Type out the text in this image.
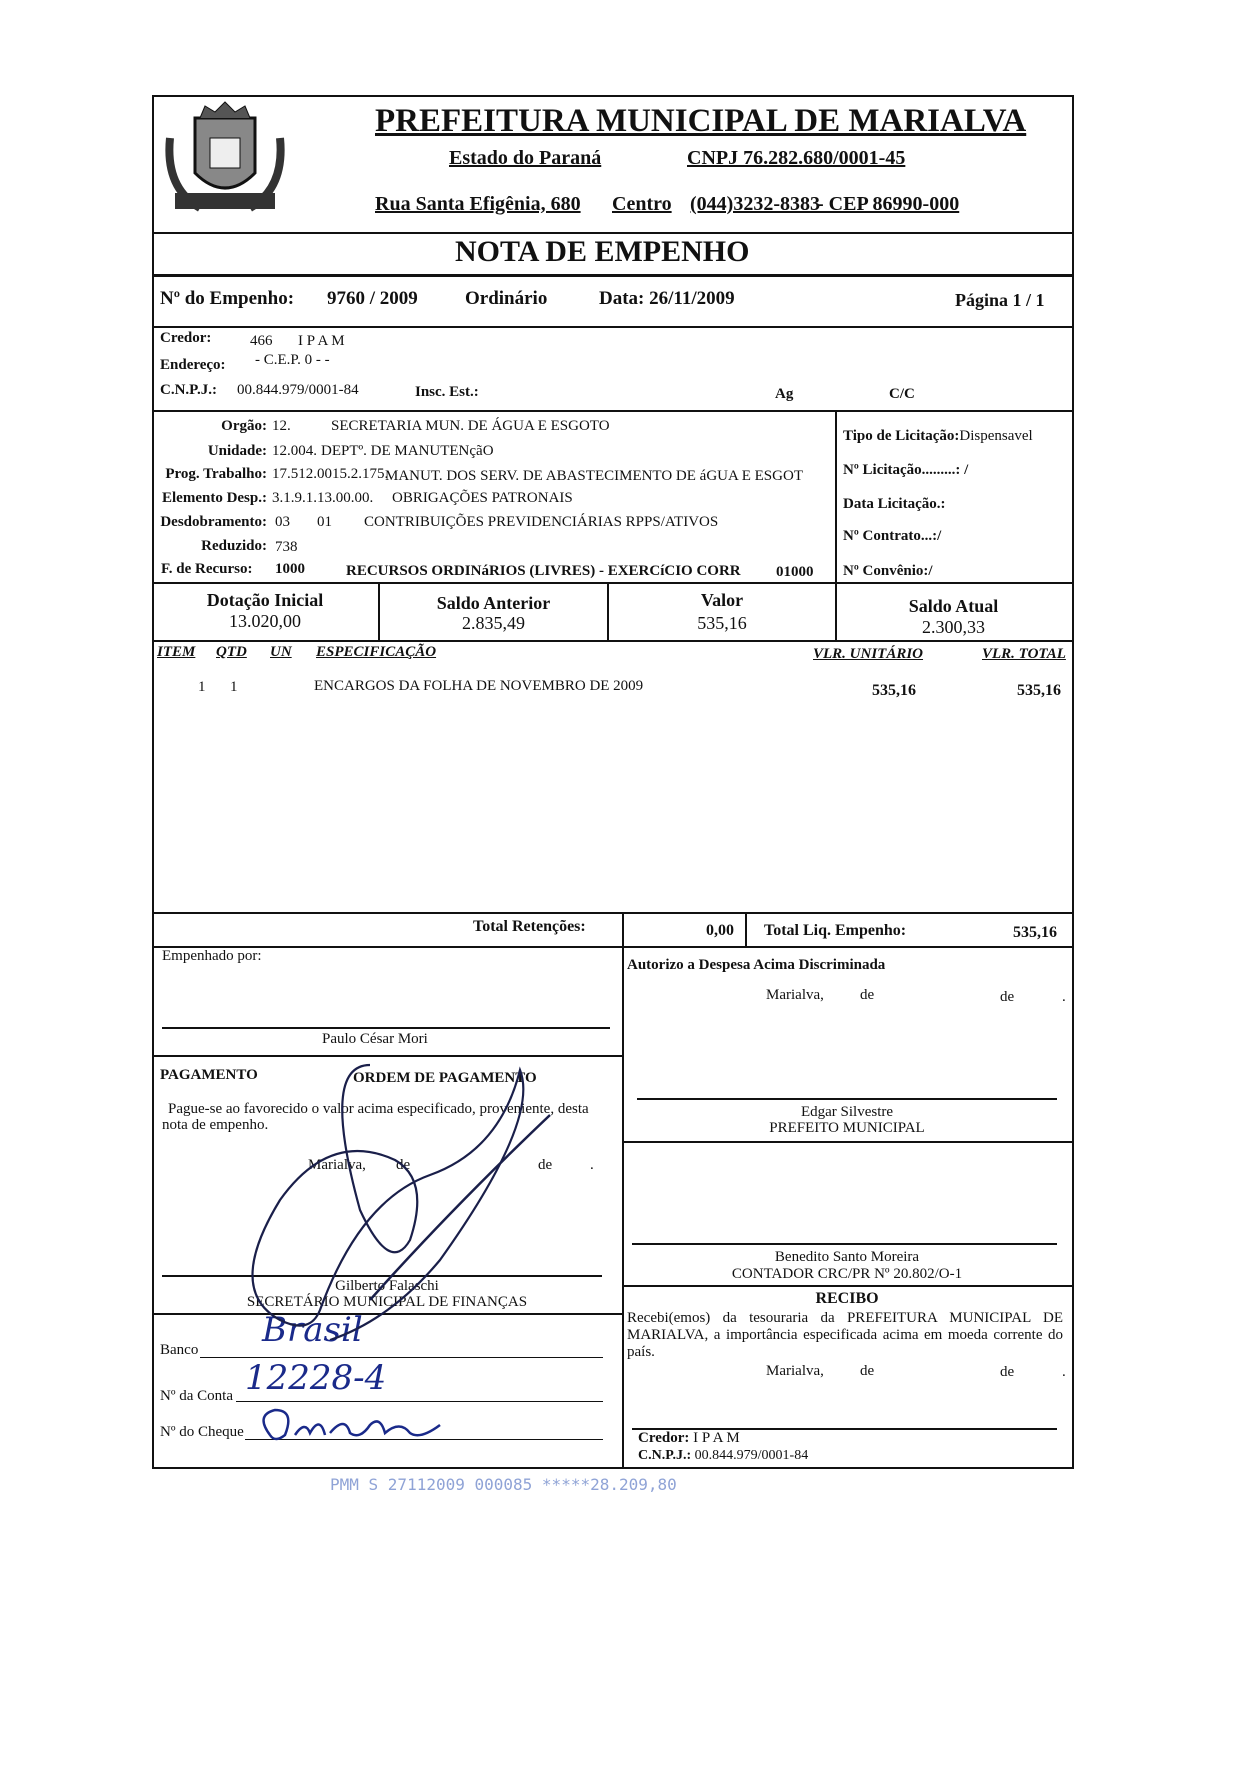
PREFEITURA MUNICIPAL DE MARIALVA
Estado do Paraná	CNPJ 76.282.680/0001-45
Rua Santa Efigênia, 680 Centro (044)3232-8383
- CEP 86990-000
NOTA DE EMPENHO
Nº do Empenho: 9760 / 2009 Ordinário	Data: 26/11/2009	Página 1 / 1
Credor:	466 I P A M
Endereço: - C.E.P. 0 - -
C.N.P.J.: 00.844.979/0001-84	Insc. Est.:	Ag	C/C
Orgão: 12.	SECRETARIA MUN. DE ÁGUA E ESGOTO
Unidade: 12.004. DEPTº. DE MANUTENçãO
Prog. Trabalho: 17.512.0015.2.175.
MANUT. DOS SERV. DE ABASTECIMENTO DE áGUA E ESGOT
Elemento Desp.: 3.1.9.1.13.00.00. OBRIGAÇÕES PATRONAIS
Desdobramento: 03 01 CONTRIBUIÇÕES PREVIDENCIÁRIAS RPPS/ATIVOS
Reduzido: 738
F. de Recurso: 1000	RECURSOS ORDINáRIOS (LIVRES) - EXERCíCIO CORR 01000
Tipo de Licitação:Dispensavel
Nº Licitação.........: /
Data Licitação.:
Nº Contrato...:/
Nº Convênio:/
Dotação Inicial
13.020,00
Saldo Anterior
2.835,49
Valor
535,16
Saldo Atual
2.300,33
ITEM QTD UN ESPECIFICAÇÃO	VLR. UNITÁRIO	VLR. TOTAL
1 1	ENCARGOS DA FOLHA DE NOVEMBRO DE 2009	535,16	535,16
Total Retenções:	0,00 Total Liq. Empenho:	535,16
Empenhado por:
Paulo César Mori
PAGAMENTO	ORDEM DE PAGAMENTO
Pague-se ao favorecido o valor acima especificado, proveniente, desta
nota de empenho.
Marialva, de	de	.
Gilberto Falaschi
SECRETÁRIO MUNICIPAL DE FINANÇAS
Banco Brasil
Nº da Conta 12228-4
Nº do Cheque
Autorizo a Despesa Acima Discriminada
Marialva, de	de	.
Edgar Silvestre
PREFEITO MUNICIPAL
Benedito Santo Moreira
CONTADOR CRC/PR Nº 20.802/O-1
RECIBO
Recebi(emos) da tesouraria da PREFEITURA MUNICIPAL DE MARIALVA, a importância especificada acima em moeda corrente do país.
Marialva, de	de	.
Credor: I P A M
C.N.P.J.: 00.844.979/0001-84
PMM S 27112009 000085 *****28.209,80
